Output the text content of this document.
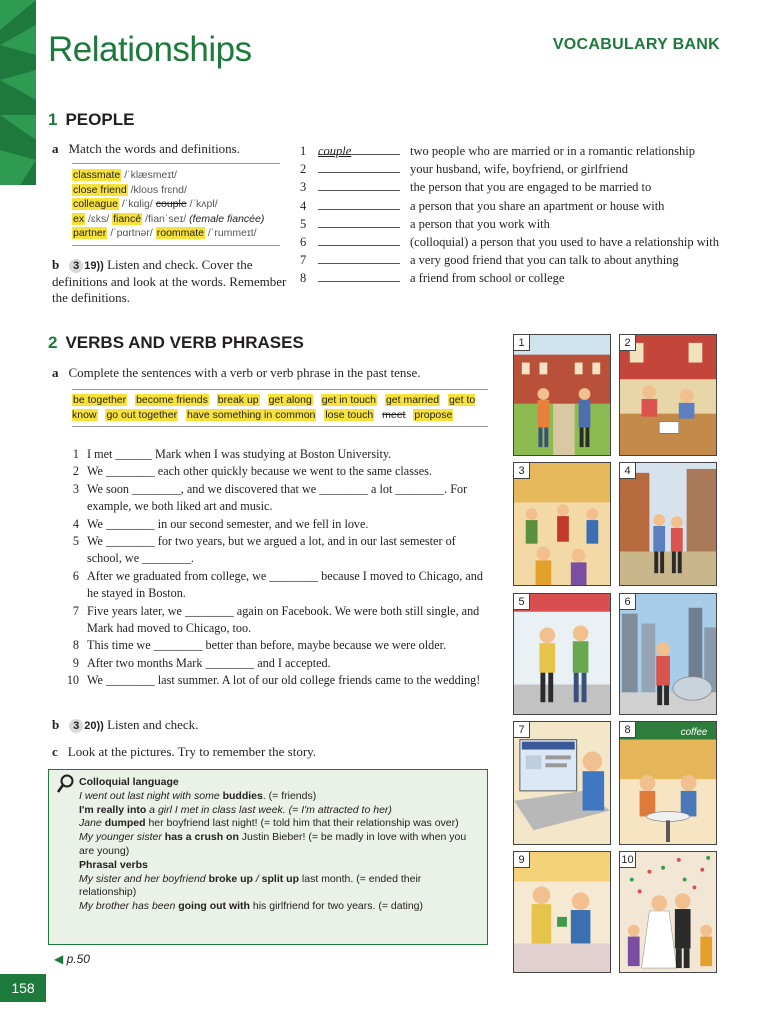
158
Relationships	VOCABULARY BANK
1 PEOPLE
a Match the words and definitions.
classmate /ˈklæsmeɪt/
close friend /kloʊs frɛnd/
colleague /ˈkɑlig/ couple /ˈkʌpl/
ex /ɛks/ fiancé /fianˈseɪ/ (female fiancée)
partner /ˈpɑrtnər/ roommate /ˈrummeɪt/
b 3 19)) Listen and check. Cover the definitions and look at the words. Remember the definitions.
1 couple	two people who are married or in a romantic relationship
2	your husband, wife, boyfriend, or girlfriend
3	the person that you are engaged to be married to
4	a person that you share an apartment or house with
5	a person that you work with
6	(colloquial) a person that you used to have a relationship with
7	a very good friend that you can talk to about anything
8	a friend from school or college
2 VERBS AND VERB PHRASES
a Complete the sentences with a verb or verb phrase in the past tense.
be together become friends break up get along get in touch get married get to know go out together have something in common lose touch meet propose
1 I met ______ Mark when I was studying at Boston University.
2 We ________ each other quickly because we went to the same classes.
3 We soon ________, and we discovered that we ________ a lot ________. For example, we both liked art and music.
4 We ________ in our second semester, and we fell in love.
5 We ________ for two years, but we argued a lot, and in our last semester of school, we ________.
6 After we graduated from college, we ________ because I moved to Chicago, and he stayed in Boston.
7 Five years later, we ________ again on Facebook. We were both still single, and Mark had moved to Chicago, too.
8 This time we ________ better than before, maybe because we were older.
9 After two months Mark ________ and I accepted.
10 We ________ last summer. A lot of our old college friends came to the wedding!
b 3 20)) Listen and check.
c Look at the pictures. Try to remember the story.
Colloquial language
I went out last night with some buddies. (= friends)
I'm really into a girl I met in class last week. (= I'm attracted to her)
Jane dumped her boyfriend last night! (= told him that their relationship was over)
My younger sister has a crush on Justin Bieber! (= be madly in love with when you are young)
Phrasal verbs
My sister and her boyfriend broke up / split up last month. (= ended their relationship)
My brother has been going out with his girlfriend for two years. (= dating)
◀ p.50
1	2
3	4
5	6
7	8	coffee
9	10
